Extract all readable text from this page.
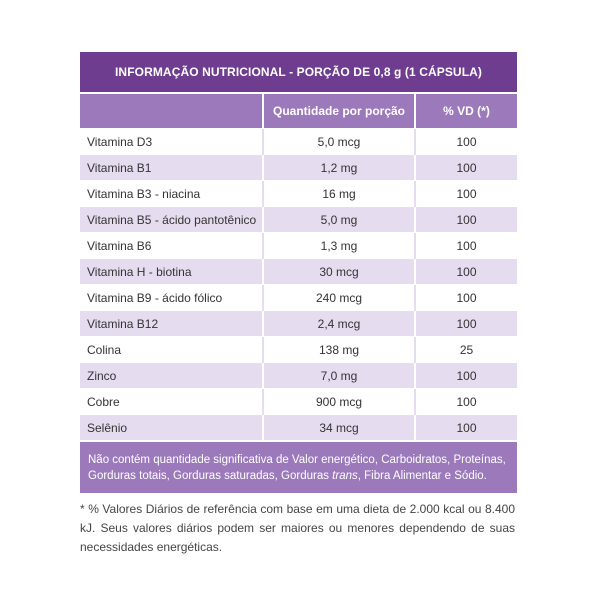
INFORMAÇÃO NUTRICIONAL - PORÇÃO DE 0,8 g (1 CÁPSULA)
	Quantidade por porção	% VD (*)
Vitamina D3	5,0 mcg	100
Vitamina B1	1,2 mg	100
Vitamina B3 - niacina	16 mg	100
Vitamina B5 - ácido pantotênico	5,0 mg	100
Vitamina B6	1,3 mg	100
Vitamina H - biotina	30 mcg	100
Vitamina B9 - ácido fólico	240 mcg	100
Vitamina B12	2,4 mcg	100
Colina	138 mg	25
Zinco	7,0 mg	100
Cobre	900 mcg	100
Selênio	34 mcg	100
Não contém quantidade significativa de Valor energético, Carboidratos, Proteínas, Gorduras totais, Gorduras saturadas, Gorduras trans, Fibra Alimentar e Sódio.
* % Valores Diários de referência com base em uma dieta de 2.000 kcal ou 8.400 kJ. Seus valores diários podem ser maiores ou menores dependendo de suas necessidades energéticas.
